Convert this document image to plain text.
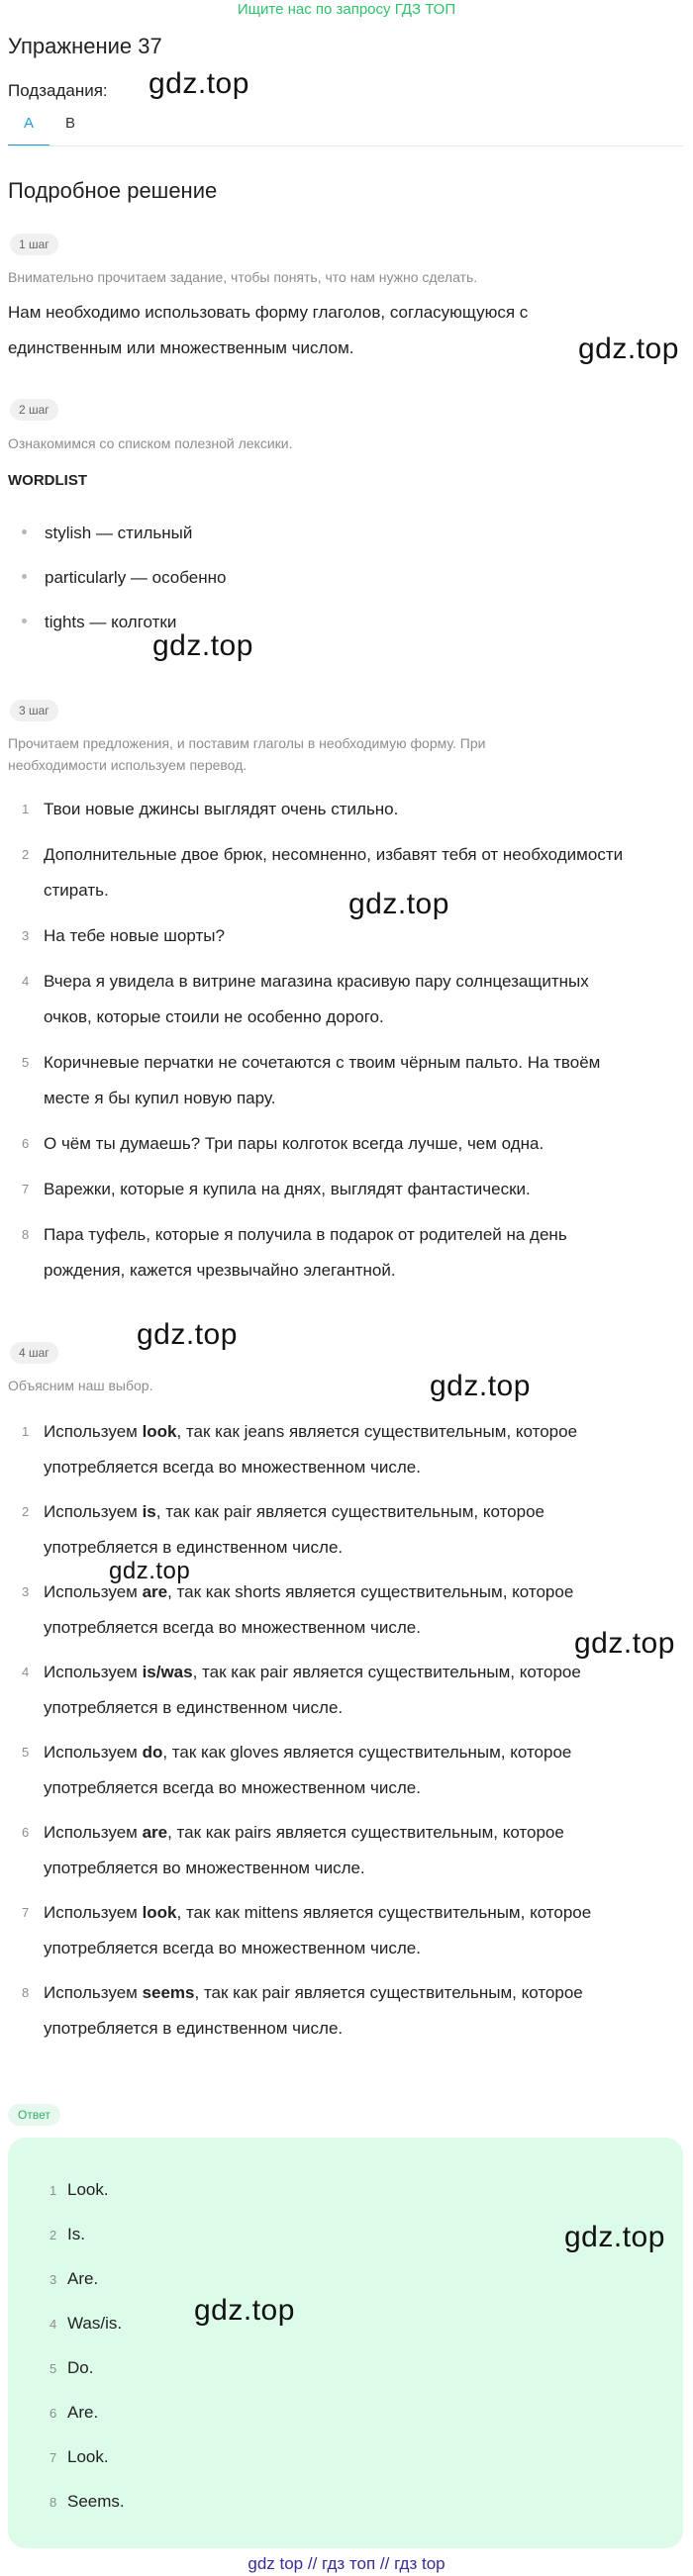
Ищите нас по запросу ГДЗ ТОП
Упражнение 37
Подзадания:
A	B
Подробное решение
1 шаг
Внимательно прочитаем задание, чтобы понять, что нам нужно сделать.
Нам необходимо использовать форму глаголов, согласующуюся с
единственным или множественным числом.
2 шаг
Ознакомимся со списком полезной лексики.
WORDLIST
stylish — стильный
particularly — особенно
tights — колготки
3 шаг
Прочитаем предложения, и поставим глаголы в необходимую форму. При
необходимости используем перевод.
1 Твои новые джинсы выглядят очень стильно.
2 Дополнительные двое брюк, несомненно, избавят тебя от необходимости
стирать.
3 На тебе новые шорты?
4 Вчера я увидела в витрине магазина красивую пару солнцезащитных
очков, которые стоили не особенно дорого.
5 Коричневые перчатки не сочетаются с твоим чёрным пальто. На твоём
месте я бы купил новую пару.
6 О чём ты думаешь? Три пары колготок всегда лучше, чем одна.
7 Варежки, которые я купила на днях, выглядят фантастически.
8 Пара туфель, которые я получила в подарок от родителей на день
рождения, кажется чрезвычайно элегантной.
4 шаг
Объясним наш выбор.
1 Используем look, так как jeans является существительным, которое
употребляется всегда во множественном числе.
2 Используем is, так как pair является существительным, которое
употребляется в единственном числе.
3 Используем are, так как shorts является существительным, которое
употребляется всегда во множественном числе.
4 Используем is/was, так как pair является существительным, которое
употребляется в единственном числе.
5 Используем do, так как gloves является существительным, которое
употребляется всегда во множественном числе.
6 Используем are, так как pairs является существительным, которое
употребляется во множественном числе.
7 Используем look, так как mittens является существительным, которое
употребляется всегда во множественном числе.
8 Используем seems, так как pair является существительным, которое
употребляется в единственном числе.
Ответ
1 Look.
2 Is.
3 Are.
4 Was/is.
5 Do.
6 Are.
7 Look.
8 Seems.
gdz.top
gdz.top
gdz.top
gdz.top
gdz.top
gdz.top
gdz.top
gdz.top
gdz.top
gdz.top
gdz top // гдз топ // гдз top
